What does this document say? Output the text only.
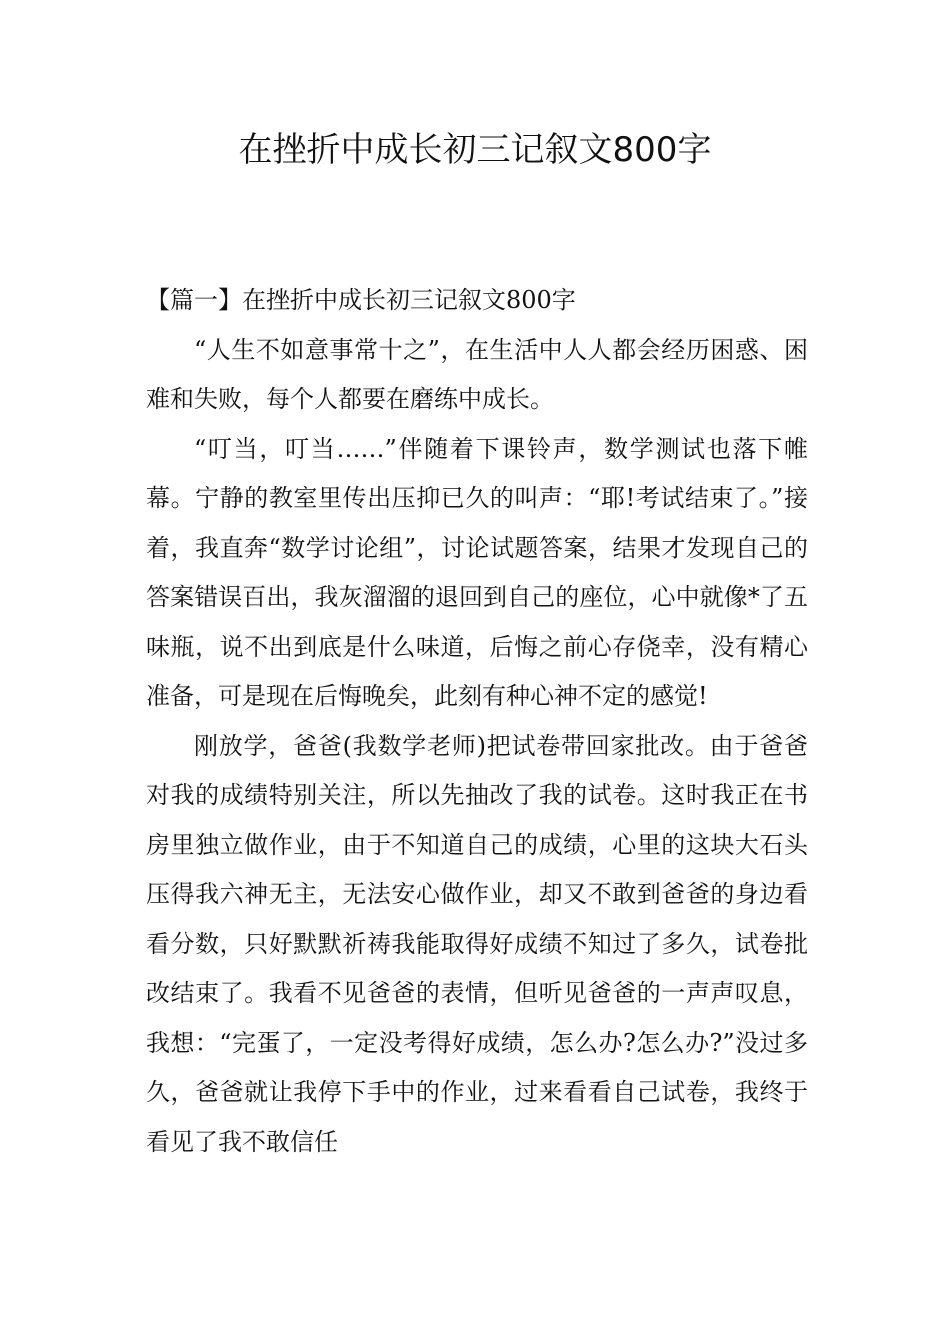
在挫折中成长初三记叙文800字

【篇一】在挫折中成长初三记叙文800字

“人生不如意事常十之”，在生活中人人都会经历困惑、困难和失败，每个人都要在磨练中成长。

“叮当，叮当……”伴随着下课铃声，数学测试也落下帷幕。宁静的教室里传出压抑已久的叫声：“耶!考试结束了。”接着，我直奔“数学讨论组”，讨论试题答案，结果才发现自己的答案错误百出，我灰溜溜的退回到自己的座位，心中就像*了五味瓶，说不出到底是什么味道，后悔之前心存侥幸，没有精心准备，可是现在后悔晚矣，此刻有种心神不定的感觉!

刚放学，爸爸(我数学老师)把试卷带回家批改。由于爸爸对我的成绩特别关注，所以先抽改了我的试卷。这时我正在书房里独立做作业，由于不知道自己的成绩，心里的这块大石头压得我六神无主，无法安心做作业，却又不敢到爸爸的身边看看分数，只好默默祈祷我能取得好成绩不知过了多久，试卷批改结束了。我看不见爸爸的表情，但听见爸爸的一声声叹息，我想：“完蛋了，一定没考得好成绩，怎么办?怎么办?”没过多久，爸爸就让我停下手中的作业，过来看看自己试卷，我终于看见了我不敢信任
